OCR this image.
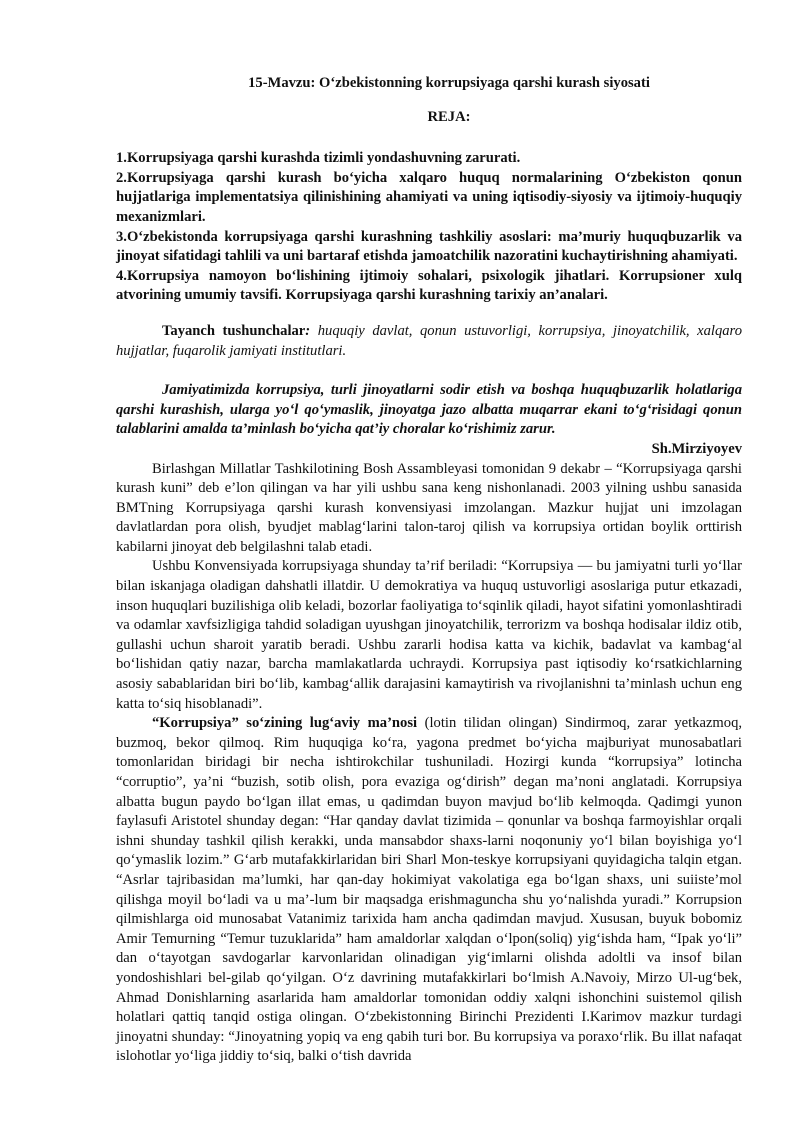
15-Mavzu: O‘zbekistonning korrupsiyaga qarshi kurash siyosati

REJA:

1.Korrupsiyaga qarshi kurashda tizimli yondashuvning zarurati.

2.Korrupsiyaga qarshi kurash bo‘yicha xalqaro huquq normalarining O‘zbekiston qonun hujjatlariga implementatsiya qilinishining ahamiyati va uning iqtisodiy-siyosiy va ijtimoiy-huquqiy mexanizmlari.

3.O‘zbekistonda korrupsiyaga qarshi kurashning tashkiliy asoslari: ma’muriy huquqbuzarlik va jinoyat sifatidagi tahlili va uni bartaraf etishda jamoatchilik nazoratini kuchaytirishning ahamiyati.

4.Korrupsiya namoyon bo‘lishining ijtimoiy sohalari, psixologik jihatlari. Korrupsioner xulq atvorining umumiy tavsifi. Korrupsiyaga qarshi kurashning tarixiy an’analari.

Tayanch tushunchalar: huquqiy davlat, qonun ustuvorligi, korrupsiya, jinoyatchilik, xalqaro hujjatlar, fuqarolik jamiyati institutlari.

Jamiyatimizda korrupsiya, turli jinoyatlarni sodir etish va boshqa huquqbuzarlik holatlariga qarshi kurashish, ularga yo‘l qo‘ymaslik, jinoyatga jazo albatta muqarrar ekani to‘g‘risidagi qonun talablarini amalda ta’minlash bo‘yicha qat’iy choralar ko‘rishimiz zarur.

Sh.Mirziyoyev

Birlashgan Millatlar Tashkilotining Bosh Assambleyasi tomonidan 9 dekabr – “Korrupsiyaga qarshi kurash kuni” deb e’lon qilingan va har yili ushbu sana keng nishonlanadi. 2003 yilning ushbu sanasida BMTning Korrupsiyaga qarshi kurash konvensiyasi imzolangan. Mazkur hujjat uni imzolagan davlatlardan pora olish, byudjet mablag‘larini talon-taroj qilish va korrupsiya ortidan boylik orttirish kabilarni jinoyat deb belgilashni talab etadi.

Ushbu Konvensiyada korrupsiyaga shunday ta’rif beriladi: “Korrupsiya — bu jamiyatni turli yo‘llar bilan iskanjaga oladigan dahshatli illatdir. U demokratiya va huquq ustuvorligi asoslariga putur etkazadi, inson huquqlari buzilishiga olib keladi, bozorlar faoliyatiga to‘sqinlik qiladi, hayot sifatini yomonlashtiradi va odamlar xavfsizligiga tahdid soladigan uyushgan jinoyatchilik, terrorizm va boshqa hodisalar ildiz otib, gullashi uchun sharoit yaratib beradi. Ushbu zararli hodisa katta va kichik, badavlat va kambag‘al bo‘lishidan qatiy nazar, barcha mamlakatlarda uchraydi. Korrupsiya past iqtisodiy ko‘rsatkichlarning asosiy sabablaridan biri bo‘lib, kambag‘allik darajasini kamaytirish va rivojlanishni ta’minlash uchun eng katta to‘siq hisoblanadi”.

“Korrupsiya” so‘zining lug‘aviy ma’nosi (lotin tilidan olingan) Sindirmoq, zarar yetkazmoq, buzmoq, bekor qilmoq. Rim huquqiga ko‘ra, yagona predmet bo‘yicha majburiyat munosabatlari tomonlaridan biridagi bir necha ishtirokchilar tushuniladi. Hozirgi kunda “korrupsiya” lotincha “corruptio”, ya’ni “buzish, sotib olish, pora evaziga og‘dirish” degan ma’noni anglatadi. Korrupsiya albatta bugun paydo bo‘lgan illat emas, u qadimdan buyon mavjud bo‘lib kelmoqda. Qadimgi yunon faylasufi Aristotel shunday degan: “Har qanday davlat tizimida – qonunlar va boshqa farmoyishlar orqali ishni shunday tashkil qilish kerakki, unda mansabdor shaxs-larni noqonuniy yo‘l bilan boyishiga yo‘l qo‘ymaslik lozim.” G‘arb mutafakkirlaridan biri Sharl Mon-teskye korrupsiyani quyidagicha talqin etgan. “Asrlar tajribasidan ma’lumki, har qan-day hokimiyat vakolatiga ega bo‘lgan shaxs, uni suiiste’mol qilishga moyil bo‘ladi va u ma’-lum bir maqsadga erishmaguncha shu yo‘nalishda yuradi.” Korrupsion qilmishlarga oid munosabat Vatanimiz tarixida ham ancha qadimdan mavjud. Xususan, buyuk bobomiz Amir Temurning “Temur tuzuklarida” ham amaldorlar xalqdan o‘lpon(soliq) yig‘ishda ham, “Ipak yo‘li” dan o‘tayotgan savdogarlar karvonlaridan olinadigan yig‘imlarni olishda adoltli va insof bilan yondoshishlari bel-gilab qo‘yilgan. O‘z davrining mutafakkirlari bo‘lmish A.Navoiy, Mirzo Ul-ug‘bek, Ahmad Donishlarning asarlarida ham amaldorlar tomonidan oddiy xalqni ishonchini suistemol qilish holatlari qattiq tanqid ostiga olingan. O‘zbekistonning Birinchi Prezidenti I.Karimov mazkur turdagi jinoyatni shunday: “Jinoyatning yopiq va eng qabih turi bor. Bu korrupsiya va poraxo‘rlik. Bu illat nafaqat islohotlar yo‘liga jiddiy to‘siq, balki o‘tish davrida
